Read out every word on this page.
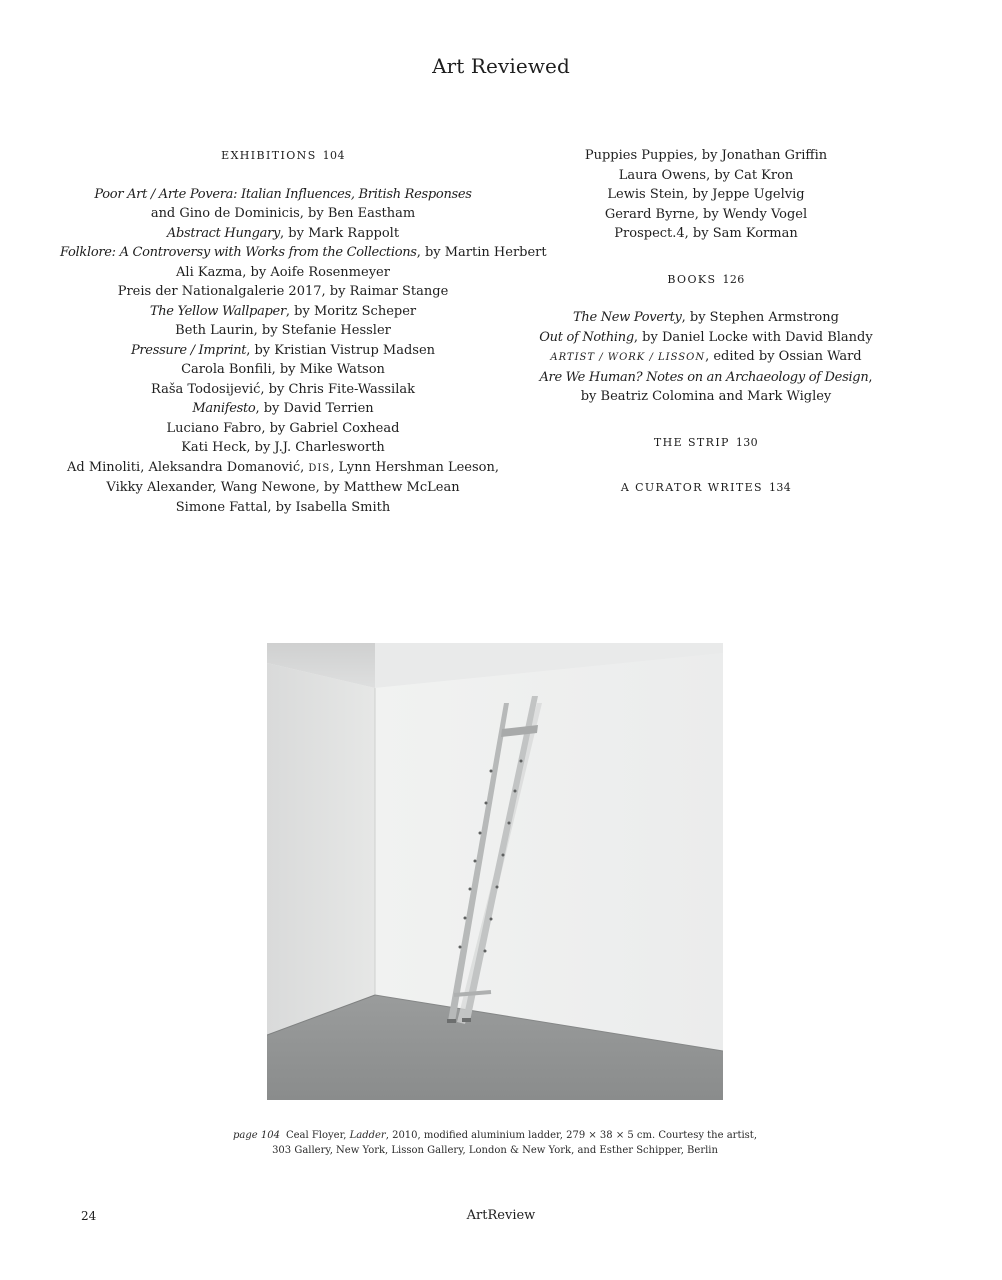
Art Reviewed

EXHIBITIONS 104

Poor Art / Arte Povera: Italian Influences, British Responses

and Gino de Dominicis, by Ben Eastham

Abstract Hungary, by Mark Rappolt

Folklore: A Controversy with Works from the Collections, by Martin Herbert

Ali Kazma, by Aoife Rosenmeyer

Preis der Nationalgalerie 2017, by Raimar Stange

The Yellow Wallpaper, by Moritz Scheper

Beth Laurin, by Stefanie Hessler

Pressure / Imprint, by Kristian Vistrup Madsen

Carola Bonfili, by Mike Watson

Raša Todosijević, by Chris Fite-Wassilak

Manifesto, by David Terrien

Luciano Fabro, by Gabriel Coxhead

Kati Heck, by J.J. Charlesworth

Ad Minoliti, Aleksandra Domanović, DIS, Lynn Hershman Leeson,

Vikky Alexander, Wang Newone, by Matthew McLean

Simone Fattal, by Isabella Smith

Puppies Puppies, by Jonathan Griffin

Laura Owens, by Cat Kron

Lewis Stein, by Jeppe Ugelvig

Gerard Byrne, by Wendy Vogel

Prospect.4, by Sam Korman

BOOKS 126

The New Poverty, by Stephen Armstrong

Out of Nothing, by Daniel Locke with David Blandy

ARTIST / WORK / LISSON, edited by Ossian Ward

Are We Human? Notes on an Archaeology of Design,

by Beatriz Colomina and Mark Wigley

THE STRIP 130

A CURATOR WRITES 134

page 104 Ceal Floyer, Ladder, 2010, modified aluminium ladder, 279 × 38 × 5 cm. Courtesy the artist,
303 Gallery, New York, Lisson Gallery, London & New York, and Esther Schipper, Berlin
24	ArtReview
